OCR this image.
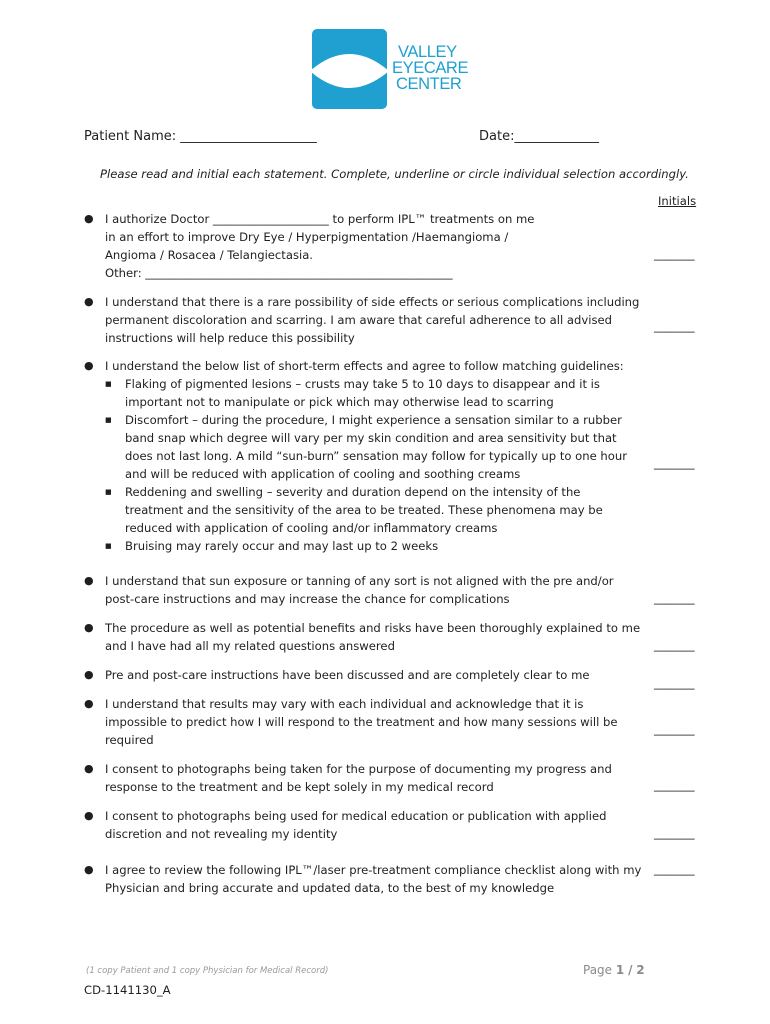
VALLEY
EYECARE
CENTER
Patient Name: _____________________	Date:_____________
Please read and initial each statement. Complete, underline or circle individual selection accordingly.
Initials
● I authorize Doctor ____________________ to perform IPL™ treatments on me
in an effort to improve Dry Eye / Hyperpigmentation /Haemangioma /
Angioma / Rosacea / Telangiectasia.
Other: _____________________________________________________
_______
● I understand that there is a rare possibility of side effects or serious complications including
permanent discoloration and scarring. I am aware that careful adherence to all advised
instructions will help reduce this possibility
_______
● I understand the below list of short-term effects and agree to follow matching guidelines:
■	Flaking of pigmented lesions – crusts may take 5 to 10 days to disappear and it is
important not to manipulate or pick which may otherwise lead to scarring
■	Discomfort – during the procedure, I might experience a sensation similar to a rubber
band snap which degree will vary per my skin condition and area sensitivity but that
does not last long. A mild “sun-burn” sensation may follow for typically up to one hour
and will be reduced with application of cooling and soothing creams
■	Reddening and swelling – severity and duration depend on the intensity of the
treatment and the sensitivity of the area to be treated. These phenomena may be
reduced with application of cooling and/or inflammatory creams
■	Bruising may rarely occur and may last up to 2 weeks
_______
● I understand that sun exposure or tanning of any sort is not aligned with the pre and/or
post-care instructions and may increase the chance for complications	_______
● The procedure as well as potential benefits and risks have been thoroughly explained to me
and I have had all my related questions answered	_______
● Pre and post-care instructions have been discussed and are completely clear to me
_______
● I understand that results may vary with each individual and acknowledge that it is
impossible to predict how I will respond to the treatment and how many sessions will be
required
_______
● I consent to photographs being taken for the purpose of documenting my progress and
response to the treatment and be kept solely in my medical record	_______
● I consent to photographs being used for medical education or publication with applied
discretion and not revealing my identity	_______
● I agree to review the following IPL™/laser pre-treatment compliance checklist along with my
Physician and bring accurate and updated data, to the best of my knowledge
_______
(1 copy Patient and 1 copy Physician for Medical Record)	Page 1 / 2
CD-1141130_A
